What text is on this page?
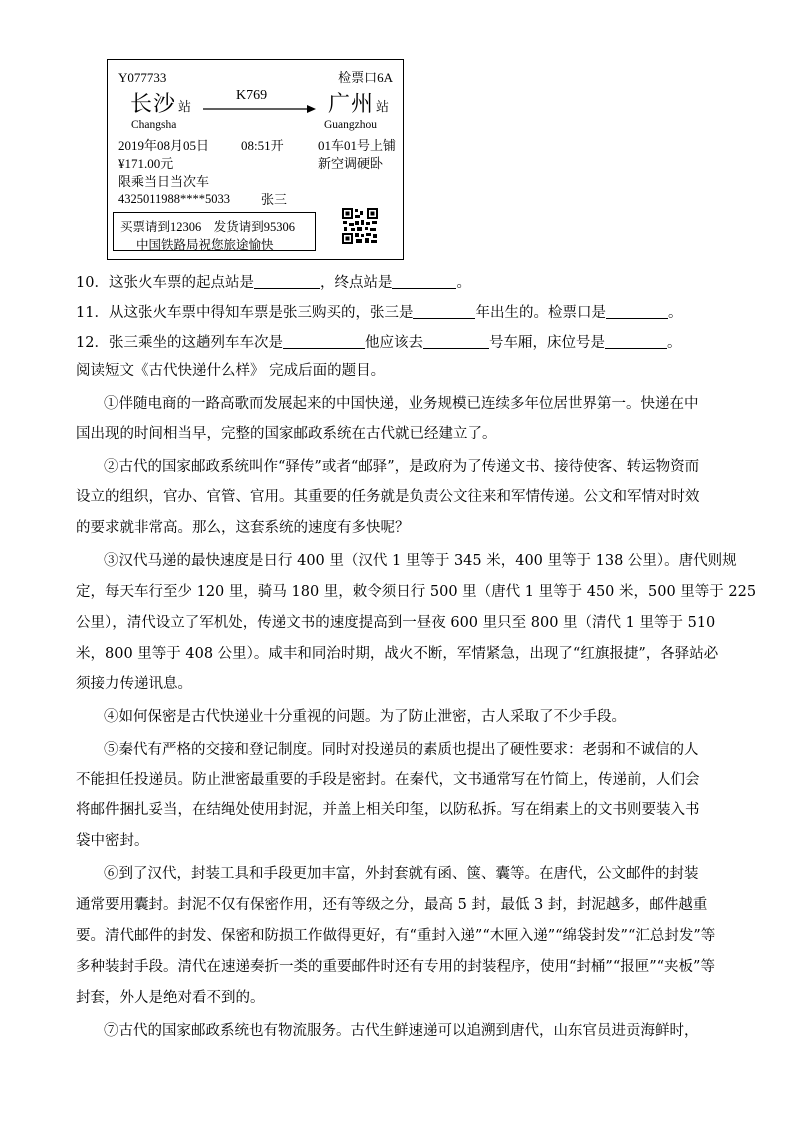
Y077733	检票口6A
K769
长沙 站	广州 站
Changsha	Guangzhou
2019年08月05日 08:51开	01车01号上铺
¥171.00元	新空调硬卧
限乘当日当次车
4325011988****5033 张三
买票请到12306　发货请到95306
中国铁路局祝您旅途愉快
10．这张火车票的起点站是	，终点站是	。
11．从这张火车票中得知车票是张三购买的，张三是	年出生的。检票口是	。
12．张三乘坐的这趟列车车次是	他应该去	号车厢，床位号是	。
阅读短文《古代快递什么样》 完成后面的题目。
①伴随电商的一路高歌而发展起来的中国快递，业务规模已连续多年位居世界第一。快递在中
国出现的时间相当早，完整的国家邮政系统在古代就已经建立了。
②古代的国家邮政系统叫作“驿传”或者“邮驿”，是政府为了传递文书、接待使客、转运物资而
设立的组织，官办、官管、官用。其重要的任务就是负责公文往来和军情传递。公文和军情对时效
的要求就非常高。那么，这套系统的速度有多快呢？
③汉代马递的最快速度是日行 400 里（汉代 1 里等于 345 米，400 里等于 138 公里）。唐代则规
定，每天车行至少 120 里，骑马 180 里，敕令须日行 500 里（唐代 1 里等于 450 米，500 里等于 225
公里），清代设立了军机处，传递文书的速度提高到一昼夜 600 里只至 800 里（清代 1 里等于 510
米，800 里等于 408 公里）。咸丰和同治时期，战火不断，军情紧急，出现了“红旗报捷”，各驿站必
须接力传递讯息。
④如何保密是古代快递业十分重视的问题。为了防止泄密，古人采取了不少手段。
⑤秦代有严格的交接和登记制度。同时对投递员的素质也提出了硬性要求：老弱和不诚信的人
不能担任投递员。防止泄密最重要的手段是密封。在秦代，文书通常写在竹简上，传递前，人们会
将邮件捆扎妥当，在结绳处使用封泥，并盖上相关印玺，以防私拆。写在绢素上的文书则要装入书
袋中密封。
⑥到了汉代，封装工具和手段更加丰富，外封套就有函、箧、囊等。在唐代，公文邮件的封装
通常要用囊封。封泥不仅有保密作用，还有等级之分，最高 5 封，最低 3 封，封泥越多，邮件越重
要。清代邮件的封发、保密和防损工作做得更好，有“重封入递”“木匣入递”“绵袋封发”“汇总封发”等
多种装封手段。清代在速递奏折一类的重要邮件时还有专用的封装程序，使用“封桶”“报匣”“夹板”等
封套，外人是绝对看不到的。
⑦古代的国家邮政系统也有物流服务。古代生鲜速递可以追溯到唐代，山东官员进贡海鲜时，
